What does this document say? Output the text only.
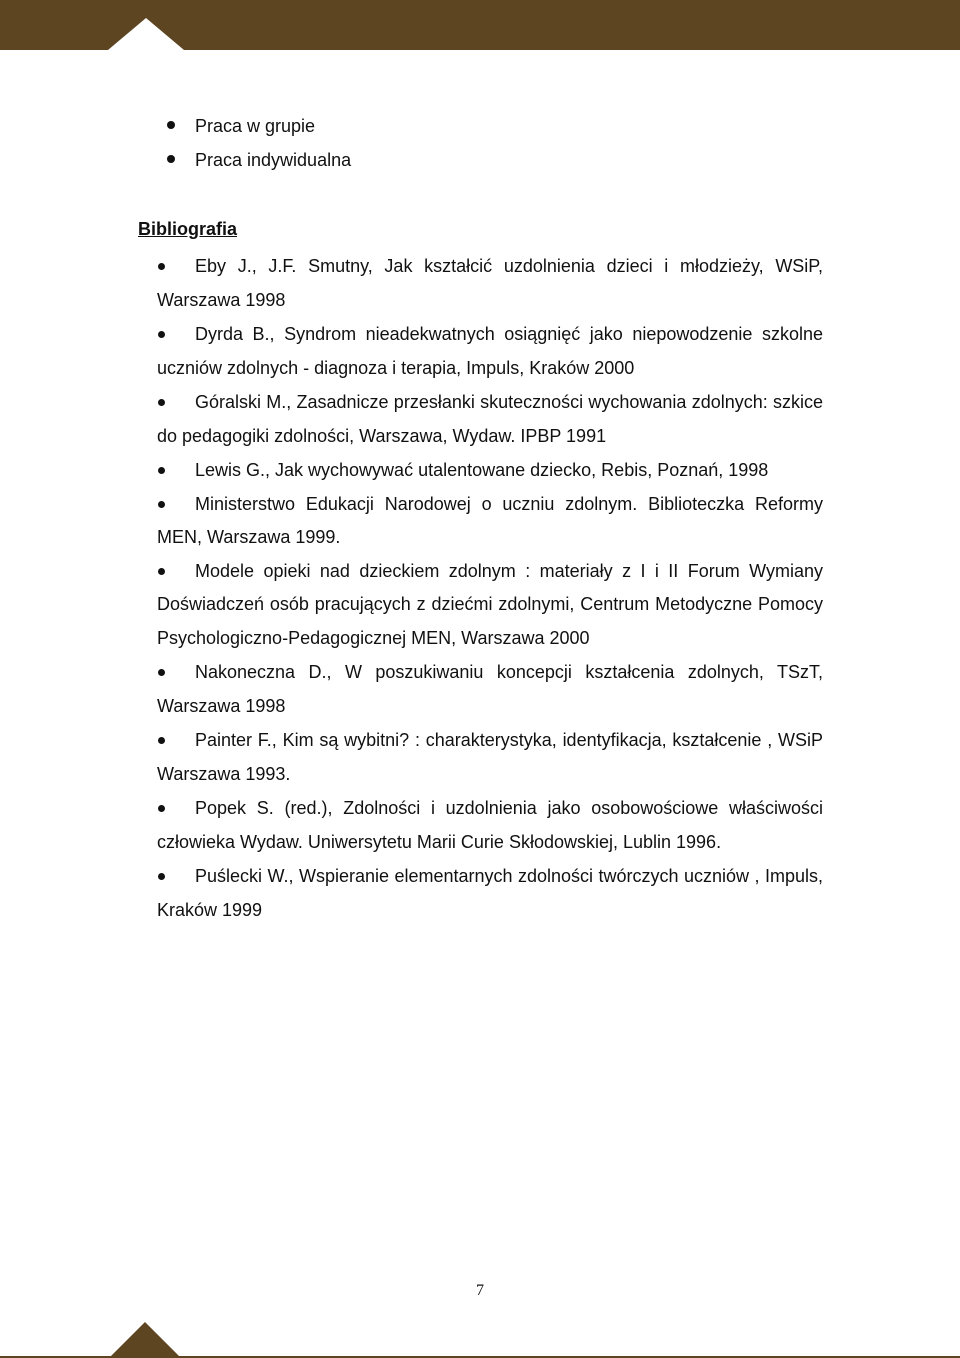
Praca w grupie
Praca indywidualna
Bibliografia
Eby J., J.F. Smutny, Jak kształcić uzdolnienia dzieci i młodzieży, WSiP, Warszawa 1998
Dyrda B., Syndrom nieadekwatnych osiągnięć jako niepowodzenie szkolne uczniów zdolnych - diagnoza i terapia, Impuls, Kraków 2000
Góralski M., Zasadnicze przesłanki skuteczności wychowania zdolnych: szkice do pedagogiki zdolności, Warszawa, Wydaw. IPBP 1991
Lewis G., Jak wychowywać utalentowane dziecko, Rebis, Poznań, 1998
Ministerstwo Edukacji Narodowej o uczniu zdolnym. Biblioteczka Reformy MEN, Warszawa 1999.
Modele opieki nad dzieckiem zdolnym : materiały z I i II Forum Wymiany Doświadczeń osób pracujących z dziećmi zdolnymi, Centrum Metodyczne Pomocy Psychologiczno-Pedagogicznej MEN, Warszawa 2000
Nakoneczna D., W poszukiwaniu koncepcji kształcenia zdolnych, TSzT, Warszawa 1998
Painter F., Kim są wybitni? : charakterystyka, identyfikacja, kształcenie , WSiP Warszawa 1993.
Popek S. (red.), Zdolności i uzdolnienia jako osobowościowe właściwości człowieka Wydaw. Uniwersytetu Marii Curie Skłodowskiej, Lublin 1996.
Puślecki W., Wspieranie elementarnych zdolności twórczych uczniów , Impuls, Kraków 1999
7
